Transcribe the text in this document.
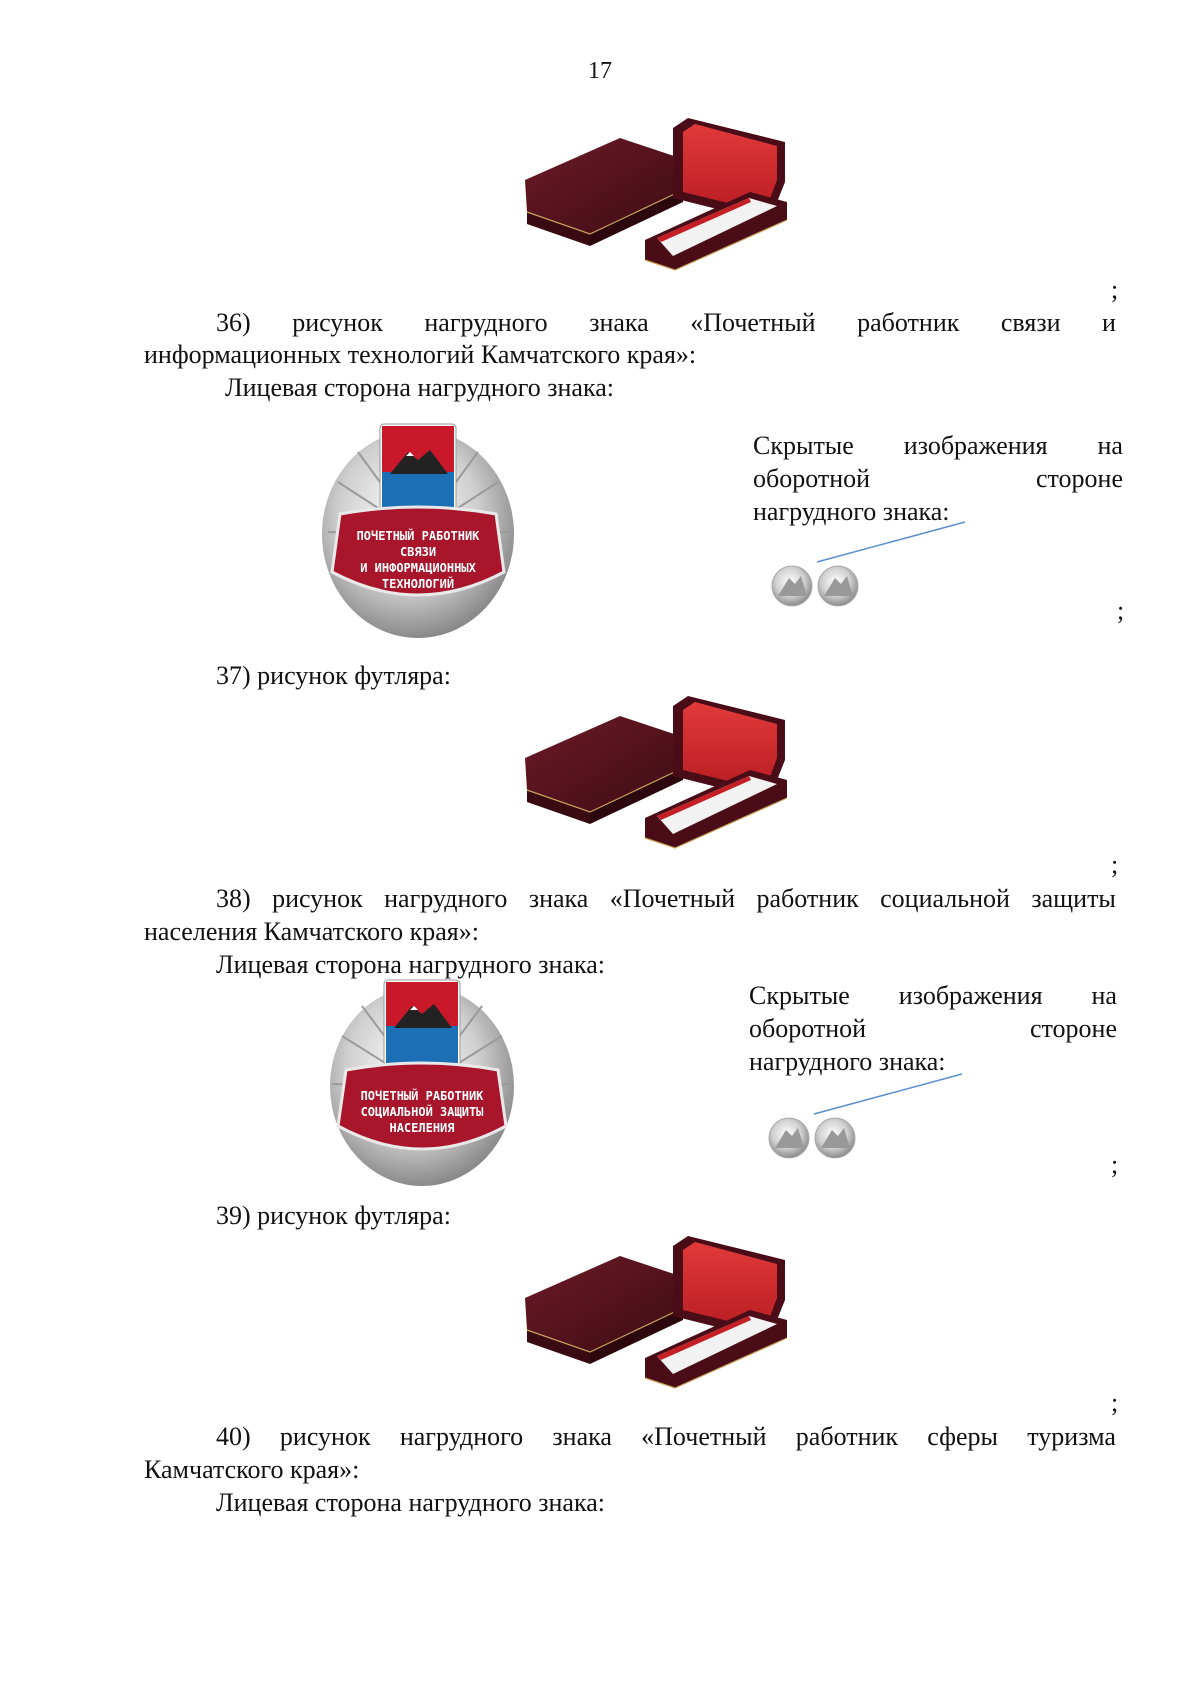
17
;
36) рисунок нагрудного знака «Почетный работник связи и
информационных технологий Камчатского края»:
Лицевая сторона нагрудного знака:
ПОЧЕТНЫЙ РАБОТНИК
СВЯЗИ
И ИНФОРМАЦИОННЫХ
ТЕХНОЛОГИЙ
Скрытые изображения на
оборотной	стороне
нагрудного знака:
;
37) рисунок футляра:
;
38) рисунок нагрудного знака «Почетный работник социальной защиты
населения Камчатского края»:
Лицевая сторона нагрудного знака:
ПОЧЕТНЫЙ РАБОТНИК
СОЦИАЛЬНОЙ ЗАЩИТЫ
НАСЕЛЕНИЯ
Скрытые изображения на
оборотной	стороне
нагрудного знака:
;
39) рисунок футляра:
;
40) рисунок нагрудного знака «Почетный работник сферы туризма
Камчатского края»:
Лицевая сторона нагрудного знака:
